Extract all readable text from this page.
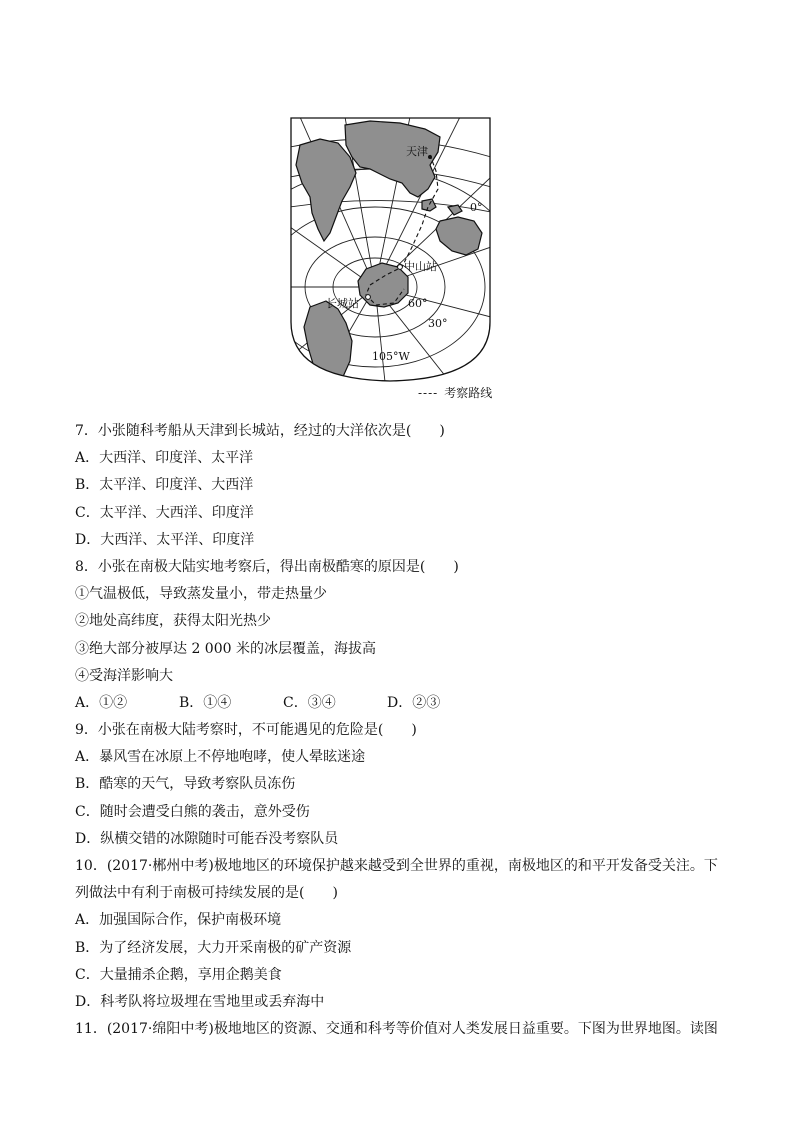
天津
0°
中山站
长城站	60°
30°
105°W
---- 考察路线
7．小张随科考船从天津到长城站，经过的大洋依次是(　　)
A．大西洋、印度洋、太平洋
B．太平洋、印度洋、大西洋
C．太平洋、大西洋、印度洋
D．大西洋、太平洋、印度洋
8．小张在南极大陆实地考察后，得出南极酷寒的原因是(　　)
①气温极低，导致蒸发量小，带走热量少
②地处高纬度，获得太阳光热少
③绝大部分被厚达 2 000 米的冰层覆盖，海拔高
④受海洋影响大
A．①②	B．①④	C．③④	D．②③
9．小张在南极大陆考察时，不可能遇见的危险是(　　)
A．暴风雪在冰原上不停地咆哮，使人晕眩迷途
B．酷寒的天气，导致考察队员冻伤
C．随时会遭受白熊的袭击，意外受伤
D．纵横交错的冰隙随时可能吞没考察队员
10．(2017·郴州中考)极地地区的环境保护越来越受到全世界的重视，南极地区的和平开发备受关注。下
列做法中有利于南极可持续发展的是(　　)
A．加强国际合作，保护南极环境
B．为了经济发展，大力开采南极的矿产资源
C．大量捕杀企鹅，享用企鹅美食
D．科考队将垃圾埋在雪地里或丢弃海中
11．(2017·绵阳中考)极地地区的资源、交通和科考等价值对人类发展日益重要。下图为世界地图。读图
